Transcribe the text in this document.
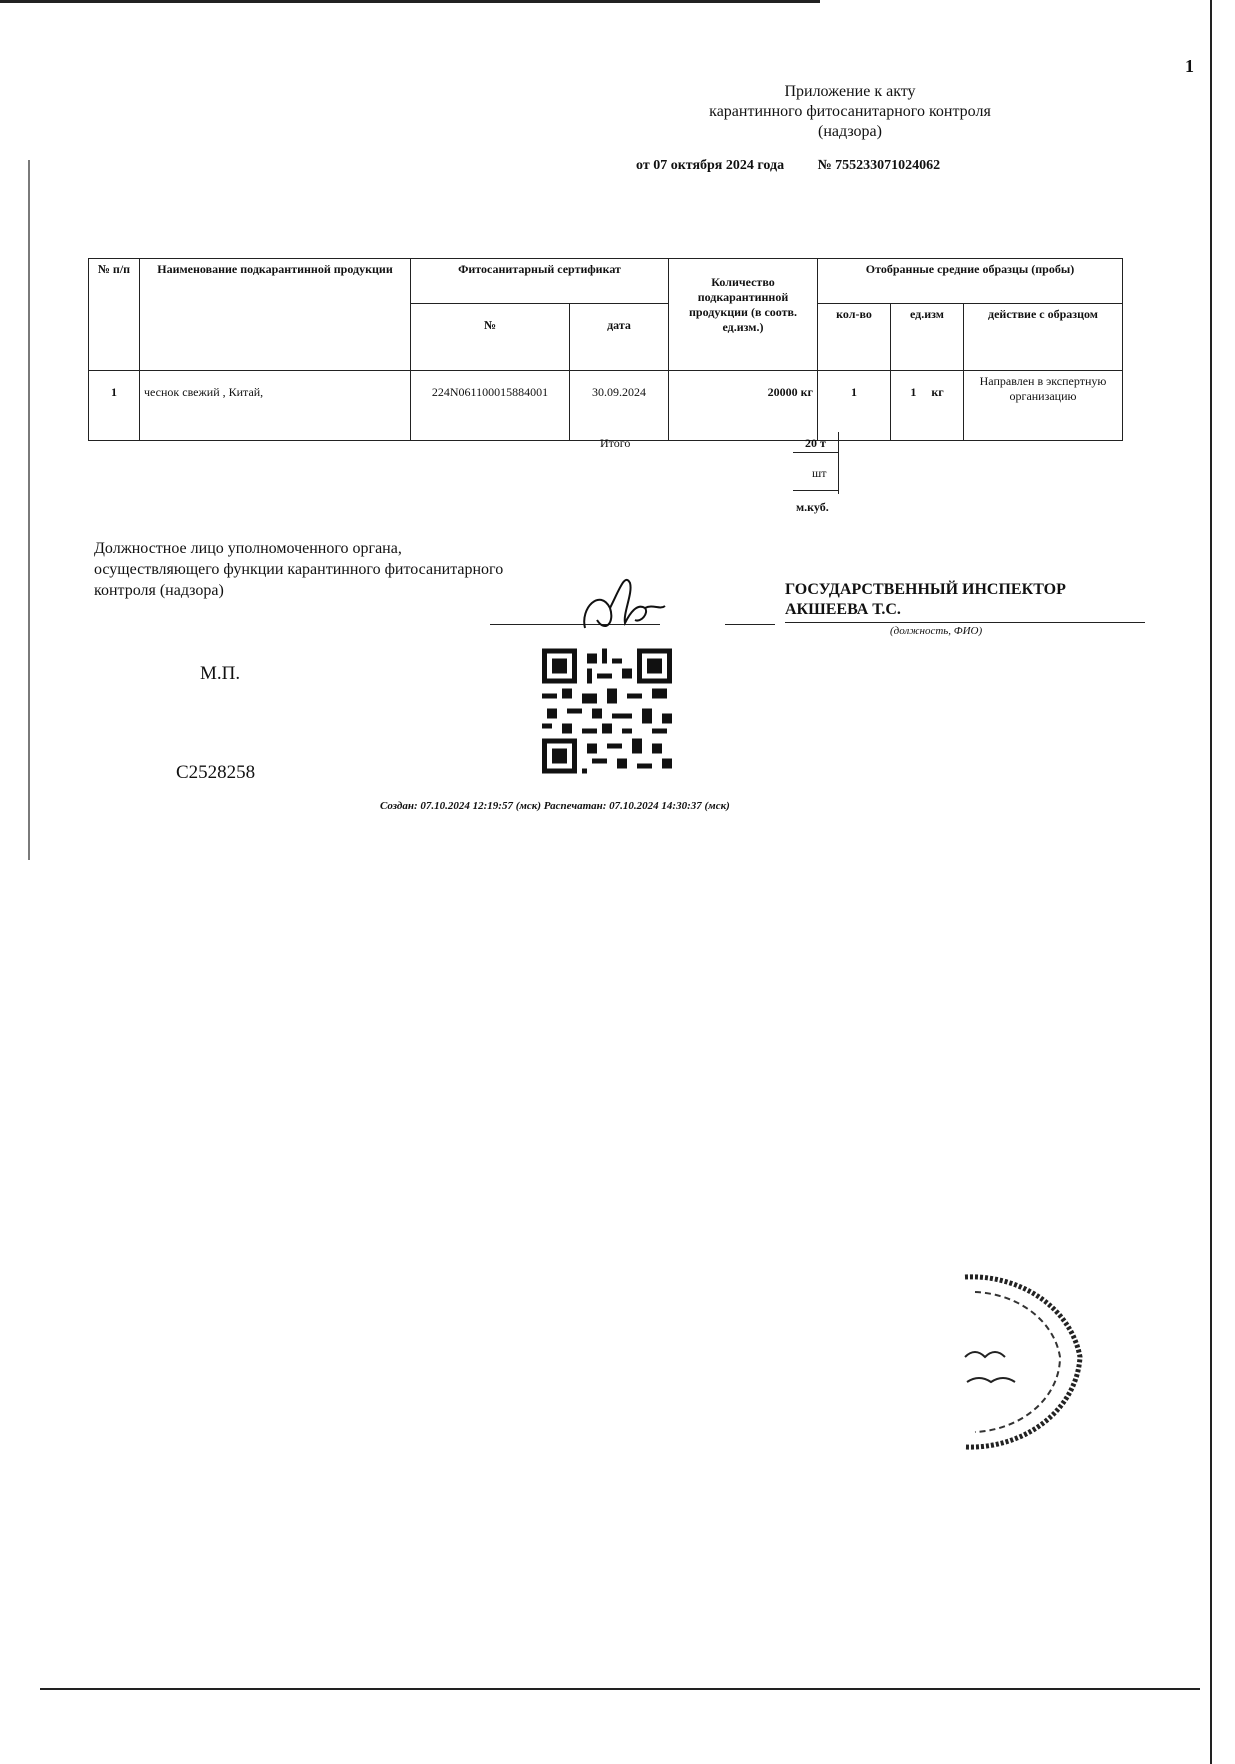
1
Приложение к акту
карантинного фитосанитарного контроля
(надзора)
от 07 октября 2024 года № 755233071024062
№ п/п	Наименование подкарантинной продукции	Фитосанитарный сертификат		Количество подкарантинной продукции (в соотв. ед.изм.)	Отобранные средние образцы (пробы)		
		№	дата		кол-во	ед.изм	действие с образцом
1	чеснок свежий , Китай,	224N061100015884001	30.09.2024	20000 кг	1	1 кг	Направлен в экспертную организацию
Итого	20 т
шт
м.куб.
Должностное лицо уполномоченного органа, осуществляющего функции карантинного фитосанитарного контроля (надзора)	ГОСУДАРСТВЕННЫЙ ИНСПЕКТОР
АКШЕЕВА Т.С.
(должность, ФИО)
М.П.
С2528258
Создан: 07.10.2024 12:19:57 (мск) Распечатан: 07.10.2024 14:30:37 (мск)
